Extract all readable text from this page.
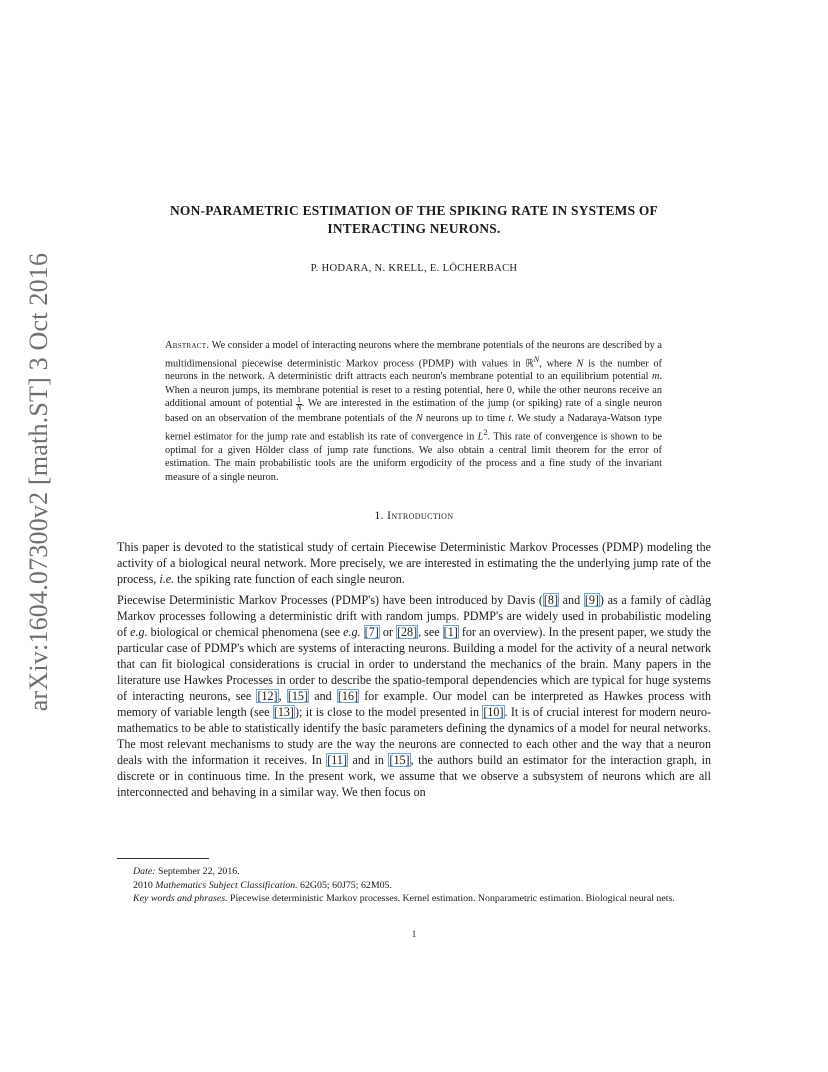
arXiv:1604.07300v2 [math.ST] 3 Oct 2016
NON-PARAMETRIC ESTIMATION OF THE SPIKING RATE IN SYSTEMS OF
INTERACTING NEURONS.
P. HODARA, N. KRELL, E. LÖCHERBACH
Abstract. We consider a model of interacting neurons where the membrane potentials of the neurons are described by a multidimensional piecewise deterministic Markov process (PDMP) with values in ℝ$^N$, where N is the number of neurons in the network. A deterministic drift attracts each neuron's membrane potential to an equilibrium potential m. When a neuron jumps, its membrane potential is reset to a resting potential, here 0, while the other neurons receive an additional amount of potential $\frac{1}{N}$ . We are interested in the estimation of the jump (or spiking) rate of a single neuron based on an observation of the membrane potentials of the N neurons up to time t. We study a Nadaraya-Watson type kernel estimator for the jump rate and establish its rate of convergence in $L^2$. This rate of convergence is shown to be optimal for a given Hölder class of jump rate functions. We also obtain a central limit theorem for the error of estimation. The main probabilistic tools are the uniform ergodicity of the process and a fine study of the invariant measure of a single neuron.
1. Introduction

This paper is devoted to the statistical study of certain Piecewise Deterministic Markov Processes (PDMP) modeling the activity of a biological neural network. More precisely, we are interested in estimating the the underlying jump rate of the process, i.e. the spiking rate function of each single neuron.

Piecewise Deterministic Markov Processes (PDMP's) have been introduced by Davis ([8] and [9]) as a family of càdlàg Markov processes following a deterministic drift with random jumps. PDMP's are widely used in probabilistic modeling of e.g. biological or chemical phenomena (see e.g. [7] or [28], see [1] for an overview). In the present paper, we study the particular case of PDMP's which are systems of interacting neurons. Building a model for the activity of a neural network that can fit biological considerations is crucial in order to understand the mechanics of the brain. Many papers in the literature use Hawkes Processes in order to describe the spatio-temporal dependencies which are typical for huge systems of interacting neurons, see [12], [15] and [16] for example. Our model can be interpreted as Hawkes process with memory of variable length (see [13]); it is close to the model presented in [10]. It is of crucial interest for modern neuro-mathematics to be able to statistically identify the basic parameters defining the dynamics of a model for neural networks. The most relevant mechanisms to study are the way the neurons are connected to each other and the way that a neuron deals with the information it receives. In [11] and in [15], the authors build an estimator for the interaction graph, in discrete or in continuous time. In the present work, we assume that we observe a subsystem of neurons which are all interconnected and behaving in a similar way. We then focus on

Date: September 22, 2016.
2010 Mathematics Subject Classification. 62G05; 60J75; 62M05.
Key words and phrases. Piecewise deterministic Markov processes. Kernel estimation. Nonparametric estimation. Biological neural nets.
1
